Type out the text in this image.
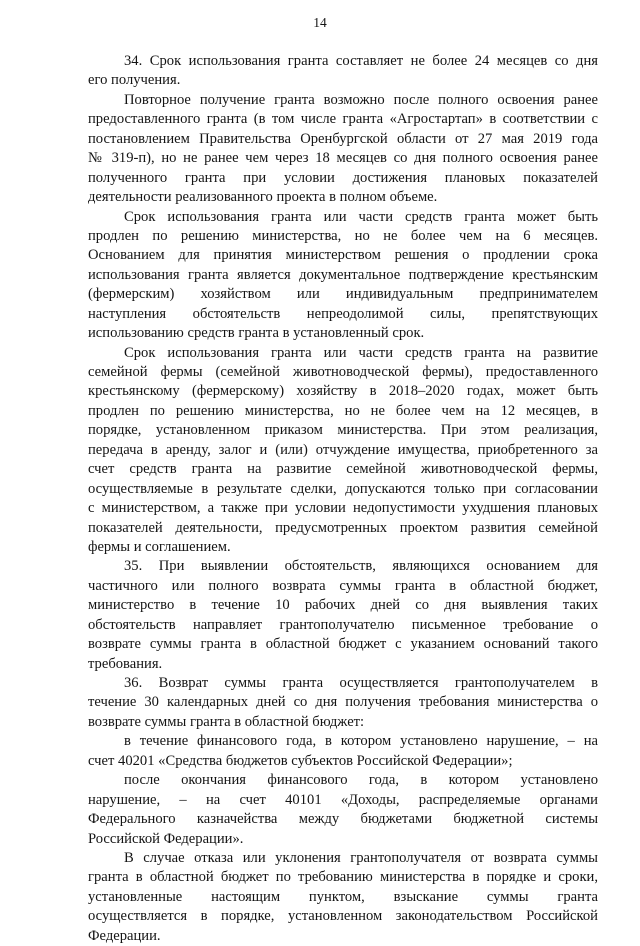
14
34. Срок использования гранта составляет не более 24 месяцев со дня
его получения.
Повторное получение гранта возможно после полного освоения ранее
предоставленного гранта (в том числе гранта «Агростартап» в соответствии с
постановлением Правительства Оренбургской области от 27 мая 2019 года
№ 319-п), но не ранее чем через 18 месяцев со дня полного освоения ранее
полученного гранта при условии достижения плановых показателей
деятельности реализованного проекта в полном объеме.
Срок использования гранта или части средств гранта может быть
продлен по решению министерства, но не более чем на 6 месяцев.
Основанием для принятия министерством решения о продлении срока
использования гранта является документальное подтверждение крестьянским
(фермерским) хозяйством или индивидуальным предпринимателем
наступления обстоятельств непреодолимой силы, препятствующих
использованию средств гранта в установленный срок.
Срок использования гранта или части средств гранта на развитие
семейной фермы (семейной животноводческой фермы), предоставленного
крестьянскому (фермерскому) хозяйству в 2018–2020 годах, может быть
продлен по решению министерства, но не более чем на 12 месяцев, в
порядке, установленном приказом министерства. При этом реализация,
передача в аренду, залог и (или) отчуждение имущества, приобретенного за
счет средств гранта на развитие семейной животноводческой фермы,
осуществляемые в результате сделки, допускаются только при согласовании
с министерством, а также при условии недопустимости ухудшения плановых
показателей деятельности, предусмотренных проектом развития семейной
фермы и соглашением.
35. При выявлении обстоятельств, являющихся основанием для
частичного или полного возврата суммы гранта в областной бюджет,
министерство в течение 10 рабочих дней со дня выявления таких
обстоятельств направляет грантополучателю письменное требование о
возврате суммы гранта в областной бюджет с указанием оснований такого
требования.
36. Возврат суммы гранта осуществляется грантополучателем в
течение 30 календарных дней со дня получения требования министерства о
возврате суммы гранта в областной бюджет:
в течение финансового года, в котором установлено нарушение, – на
счет 40201 «Средства бюджетов субъектов Российской Федерации»;
после окончания финансового года, в котором установлено
нарушение, – на счет 40101 «Доходы, распределяемые органами
Федерального казначейства между бюджетами бюджетной системы
Российской Федерации».
В случае отказа или уклонения грантополучателя от возврата суммы
гранта в областной бюджет по требованию министерства в порядке и сроки,
установленные настоящим пунктом, взыскание суммы гранта
осуществляется в порядке, установленном законодательством Российской
Федерации.
